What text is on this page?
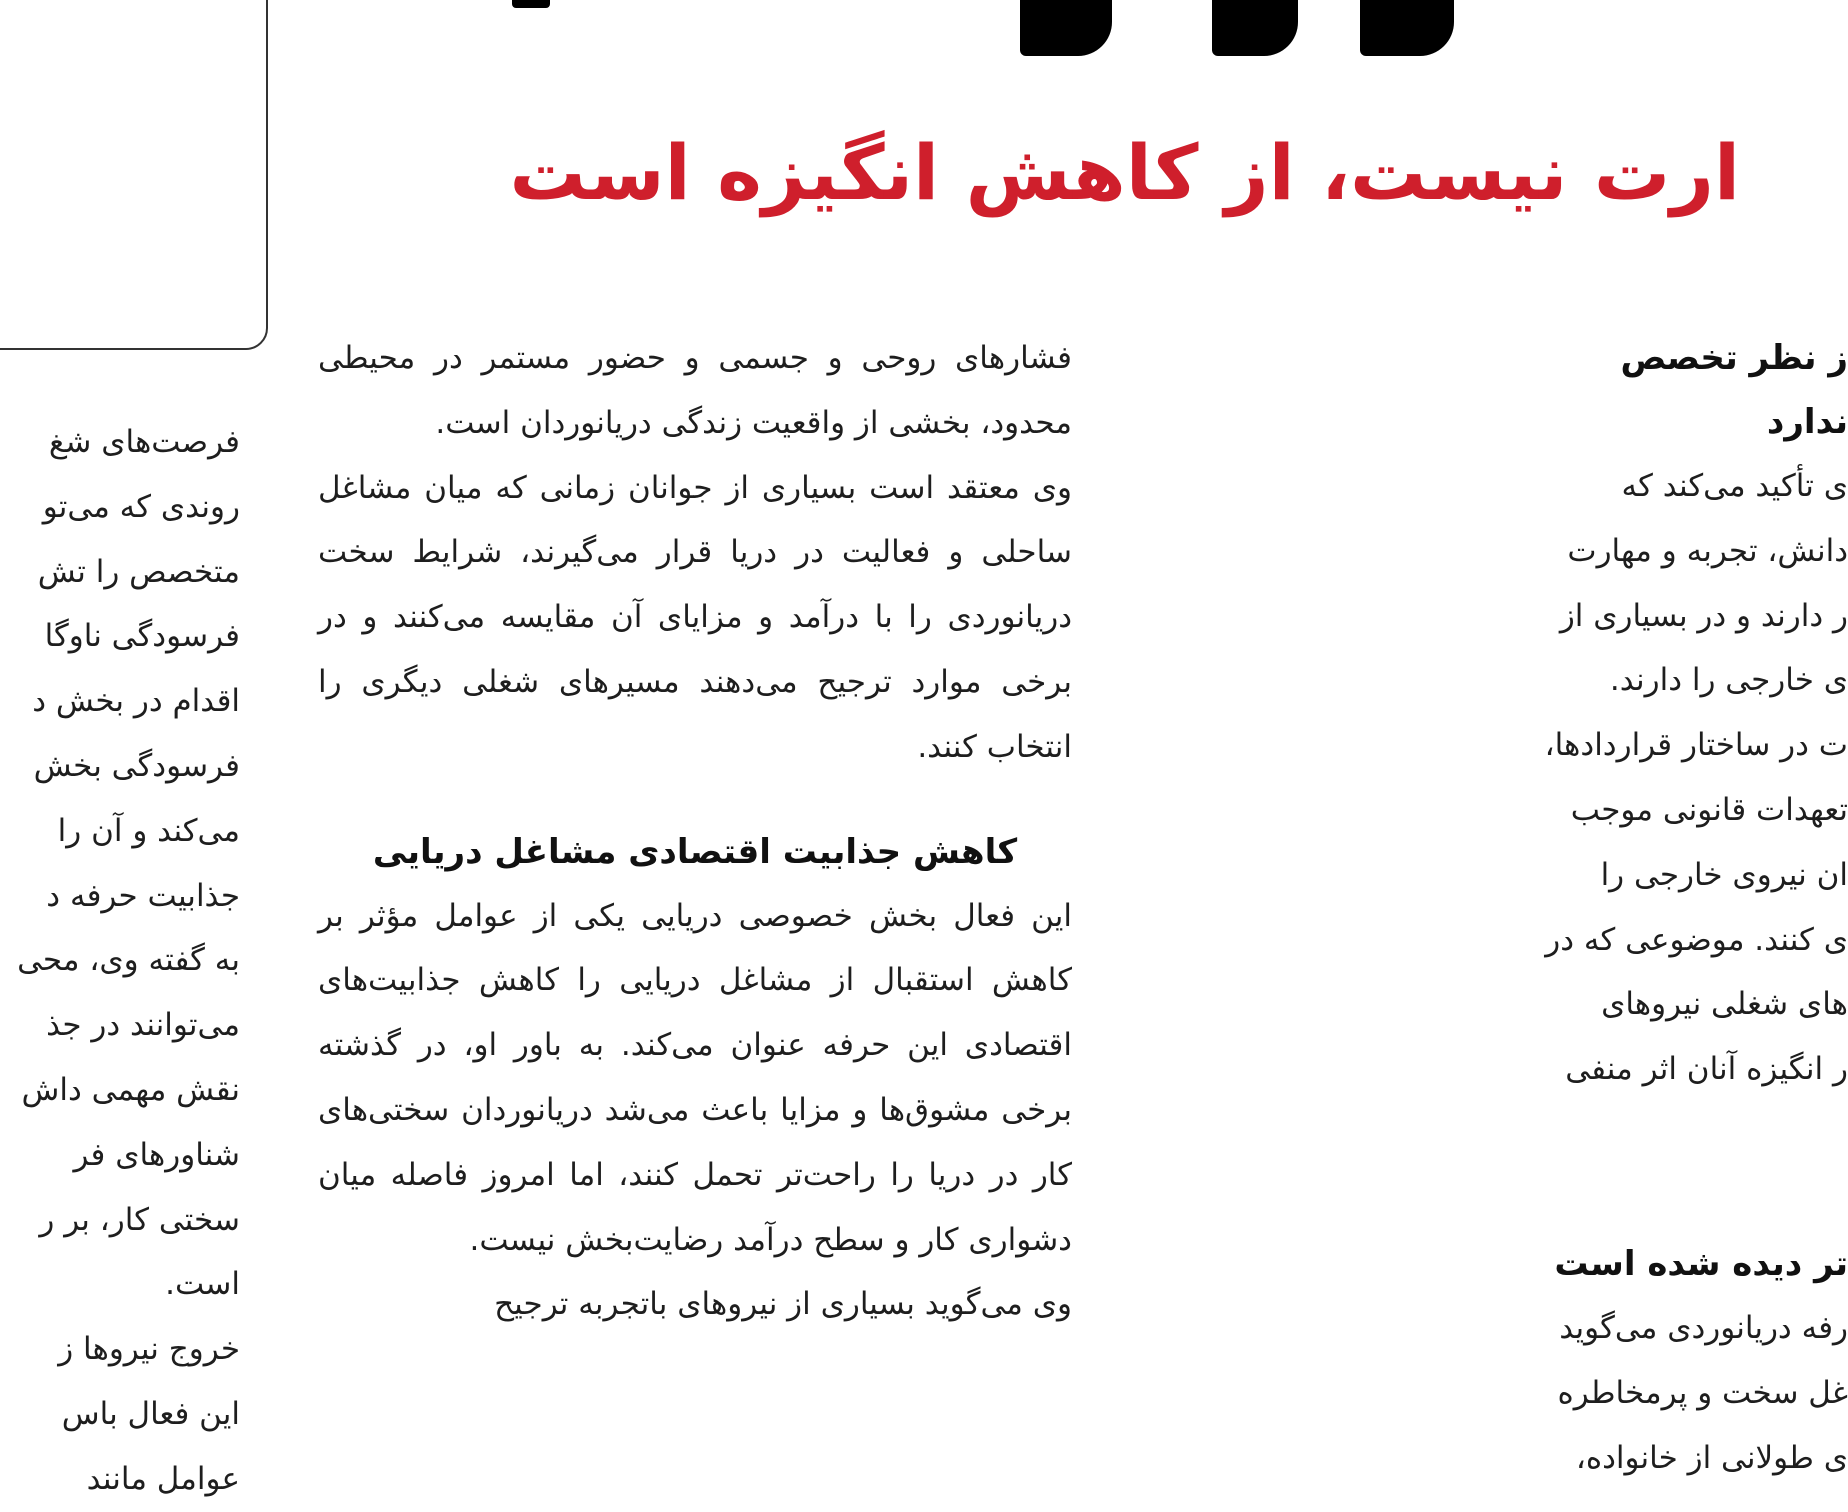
ارت نیست، از کاهش انگیزه است

فشارهای روحی و جسمی و حضور مستمر در محیطی محدود، بخشی از واقعیت زندگی دریانوردان است.

وی معتقد است بسیاری از جوانان زمانی که میان مشاغل ساحلی و فعالیت در دریا قرار می‌گیرند، شرایط سخت دریانوردی را با درآمد و مزایای آن مقایسه می‌کنند و در برخی موارد ترجیح می‌دهند مسیرهای شغلی دیگری را انتخاب کنند.

کاهش جذابیت اقتصادی مشاغل دریایی

این فعال بخش خصوصی دریایی یکی از عوامل مؤثر بر کاهش استقبال از مشاغل دریایی را کاهش جذابیت‌های اقتصادی این حرفه عنوان می‌کند. به باور او، در گذشته برخی مشوق‌ها و مزایا باعث می‌شد دریانوردان سختی‌های کار در دریا را راحت‌تر تحمل کنند، اما امروز فاصله میان دشواری کار و سطح درآمد رضایت‌بخش نیست.

وی می‌گوید بسیاری از نیروهای باتجربه ترجیح

ز نظر تخصص
ندارد
ی تأکید می‌کند که
دانش، تجربه و مهارت
ر دارند و در بسیاری از
ی خارجی را دارند.
ت در ساختار قراردادها،
تعهدات قانونی موجب
ان نیروی خارجی را
ی کنند. موضوعی که در
های شغلی نیروهای
ر انگیزه آنان اثر منفی
تر دیده شده است
رفه دریانوردی می‌گوید
غل سخت و پرمخاطره
ی طولانی از خانواده،
فرصت‌های شغ
روندی که می‌تو
متخصص را تش
فرسودگی ناوگا
اقدام در بخش د
فرسودگی بخش
می‌کند و آن را
جذابیت حرفه د
به گفته وی، محی
می‌توانند در جذ
نقش مهمی داش
شناورهای فر
سختی کار، بر ر
است.
خروج نیروها ز
این فعال باس
عوامل مانند
